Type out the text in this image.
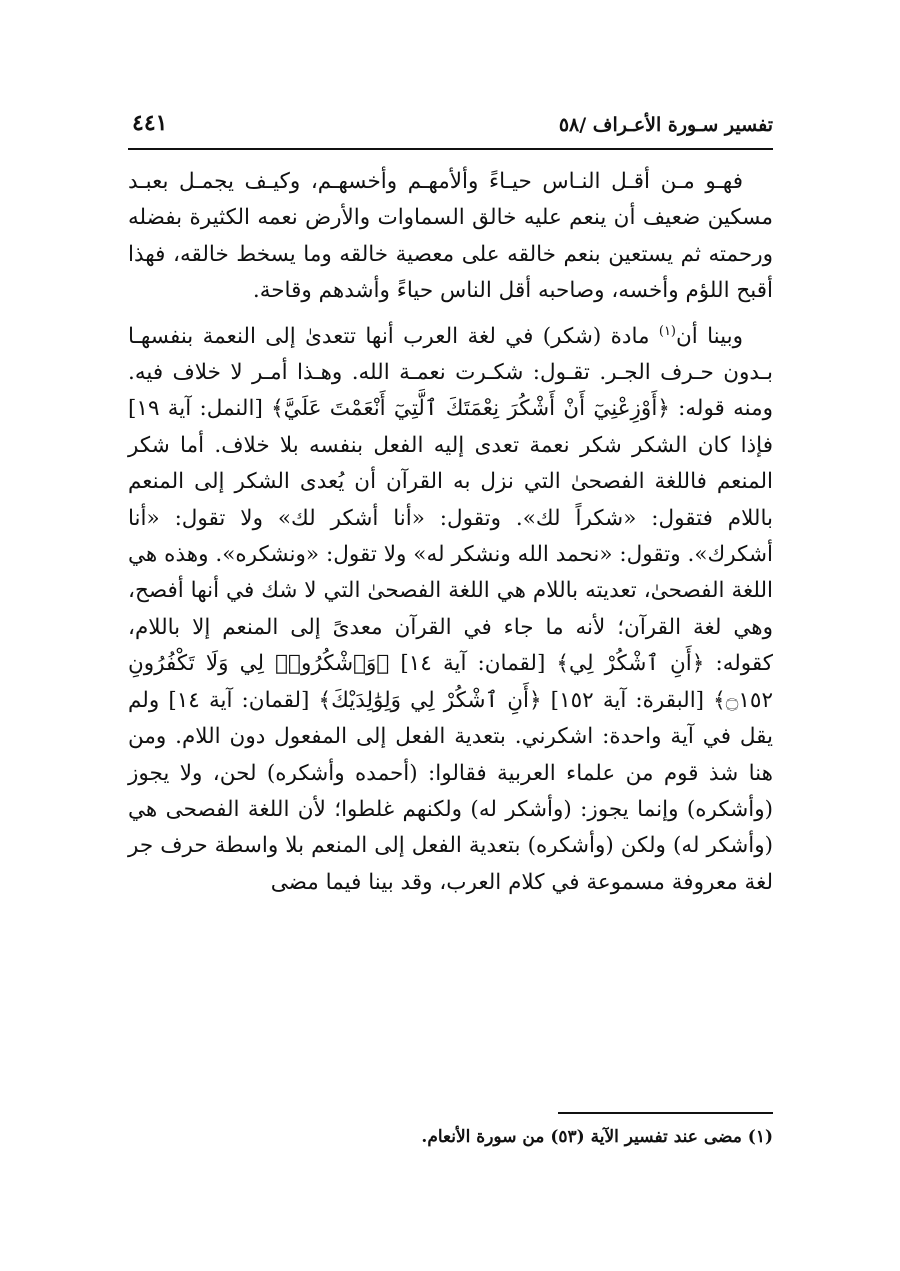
تفسير سـورة الأعـراف /٥٨
٤٤١

فهـو مـن أقـل النـاس حيـاءً وألأمهـم وأخسهـم، وكيـف يجمـل بعبـد مسكين ضعيف أن ينعم عليه خالق السماوات والأرض نعمه الكثيرة بفضله ورحمته ثم يستعين بنعم خالقه على معصية خالقه وما يسخط خالقه، فهذا أقبح اللؤم وأخسه، وصاحبه أقل الناس حياءً وأشدهم وقاحة.

وبينا أن$^{(١)}$ مادة (شكر) في لغة العرب أنها تتعدىٰ إلى النعمة بنفسهـا بـدون حـرف الجـر. تقـول: شكـرت نعمـة الله. وهـذا أمـر لا خلاف فيه. ومنه قوله: ﴿أَوْزِعْنِيٓ أَنْ أَشْكُرَ نِعْمَتَكَ ٱلَّتِيٓ أَنْعَمْتَ عَلَيَّ﴾ [النمل: آية ١٩] فإذا كان الشكر شكر نعمة تعدى إليه الفعل بنفسه بلا خلاف. أما شكر المنعم فاللغة الفصحىٰ التي نزل به القرآن أن يُعدى الشكر إلى المنعم باللام فتقول: «شكراً لك». وتقول: «أنا أشكر لك» ولا تقول: «أنا أشكرك». وتقول: «نحمد الله ونشكر له» ولا تقول: «ونشكره». وهذه هي اللغة الفصحىٰ، تعديته باللام هي اللغة الفصحىٰ التي لا شك في أنها أفصح، وهي لغة القرآن؛ لأنه ما جاء في القرآن معدىً إلى المنعم إلا باللام، كقوله: ﴿أَنِ ٱشْكُرْ لِي﴾ [لقمان: آية ١٤] ﴿وَٱشْكُرُوا۟ لِي وَلَا تَكْفُرُونِ ۝١٥٢﴾ [البقرة: آية ١٥٢] ﴿أَنِ ٱشْكُرْ لِي وَلِوَٰلِدَيْكَ﴾ [لقمان: آية ١٤] ولم يقل في آية واحدة: اشكرني. بتعدية الفعل إلى المفعول دون اللام. ومن هنا شذ قوم من علماء العربية فقالوا: (أحمده وأشكره) لحن، ولا يجوز (وأشكره) وإنما يجوز: (وأشكر له) ولكنهم غلطوا؛ لأن اللغة الفصحى هي (وأشكر له) ولكن (وأشكره) بتعدية الفعل إلى المنعم بلا واسطة حرف جر لغة معروفة مسموعة في كلام العرب، وقد بينا فيما مضى

(١) مضى عند تفسير الآية (٥٣) من سورة الأنعام.
